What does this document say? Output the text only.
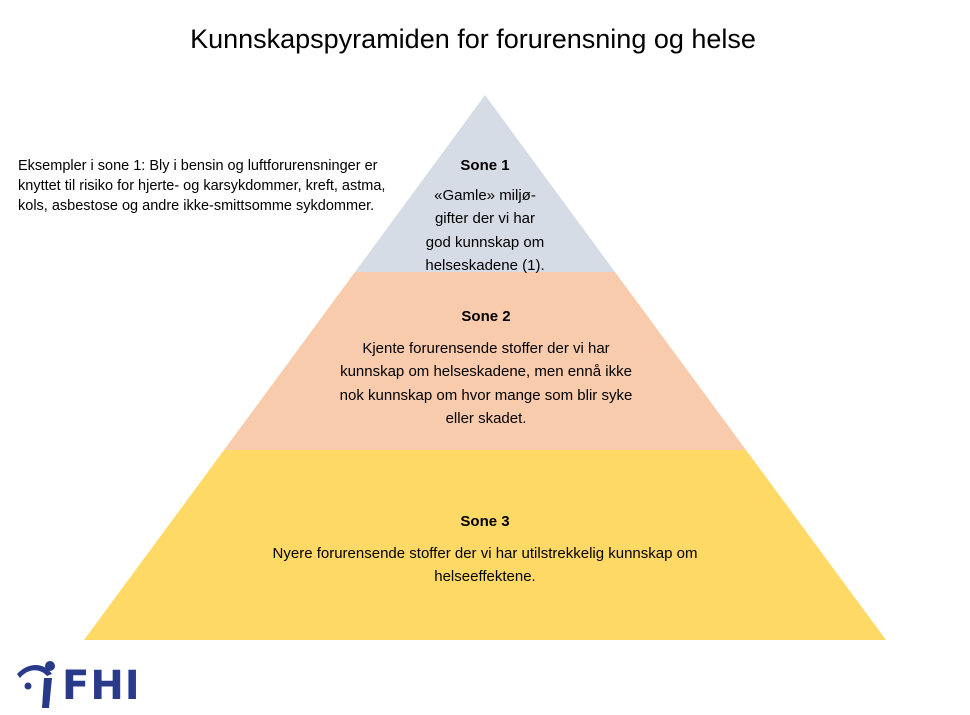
Kunnskapspyramiden for forurensning og helse

Eksempler i sone 1: Bly i bensin og luftforurensninger er knyttet til risiko for hjerte- og karsykdommer, kreft, astma, kols, asbestose og andre ikke-smittsomme sykdommer.

Sone 1
«Gamle» miljø-
gifter der vi har
god kunnskap om
helseskadene (1).
Sone 2
Kjente forurensende stoffer der vi har
kunnskap om helseskadene, men ennå ikke
nok kunnskap om hvor mange som blir syke
eller skadet.
Sone 3
Nyere forurensende stoffer der vi har utilstrekkelig kunnskap om
helseeffektene.
FHI
